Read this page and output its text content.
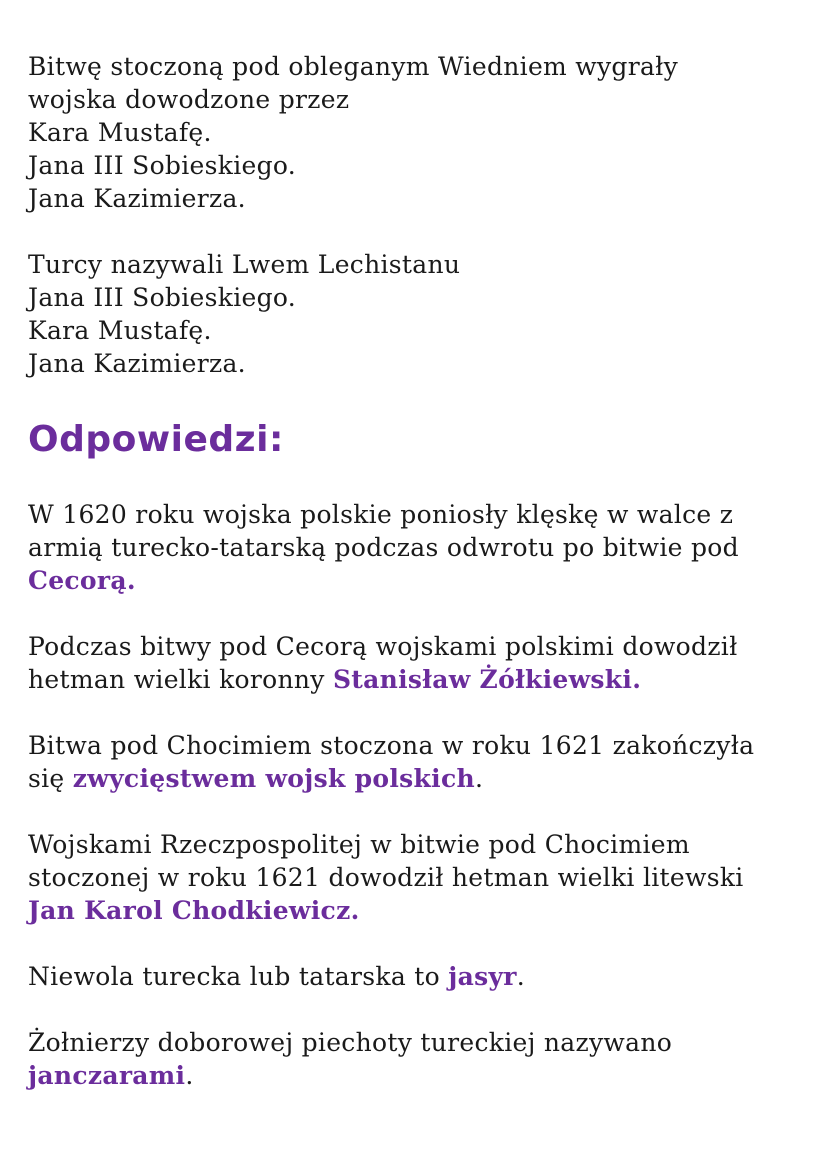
Bitwę stoczoną pod obleganym Wiedniem wygrały
wojska dowodzone przez
Kara Mustafę.
Jana III Sobieskiego.
Jana Kazimierza.
Turcy nazywali Lwem Lechistanu
Jana III Sobieskiego.
Kara Mustafę.
Jana Kazimierza.
Odpowiedzi:
W 1620 roku wojska polskie poniosły klęskę w walce z
armią turecko-tatarską podczas odwrotu po bitwie pod
Cecorą.
Podczas bitwy pod Cecorą wojskami polskimi dowodził
hetman wielki koronny Stanisław Żółkiewski.
Bitwa pod Chocimiem stoczona w roku 1621 zakończyła
się zwycięstwem wojsk polskich.
Wojskami Rzeczpospolitej w bitwie pod Chocimiem
stoczonej w roku 1621 dowodził hetman wielki litewski
Jan Karol Chodkiewicz.
Niewola turecka lub tatarska to jasyr.
Żołnierzy doborowej piechoty tureckiej nazywano
janczarami.
